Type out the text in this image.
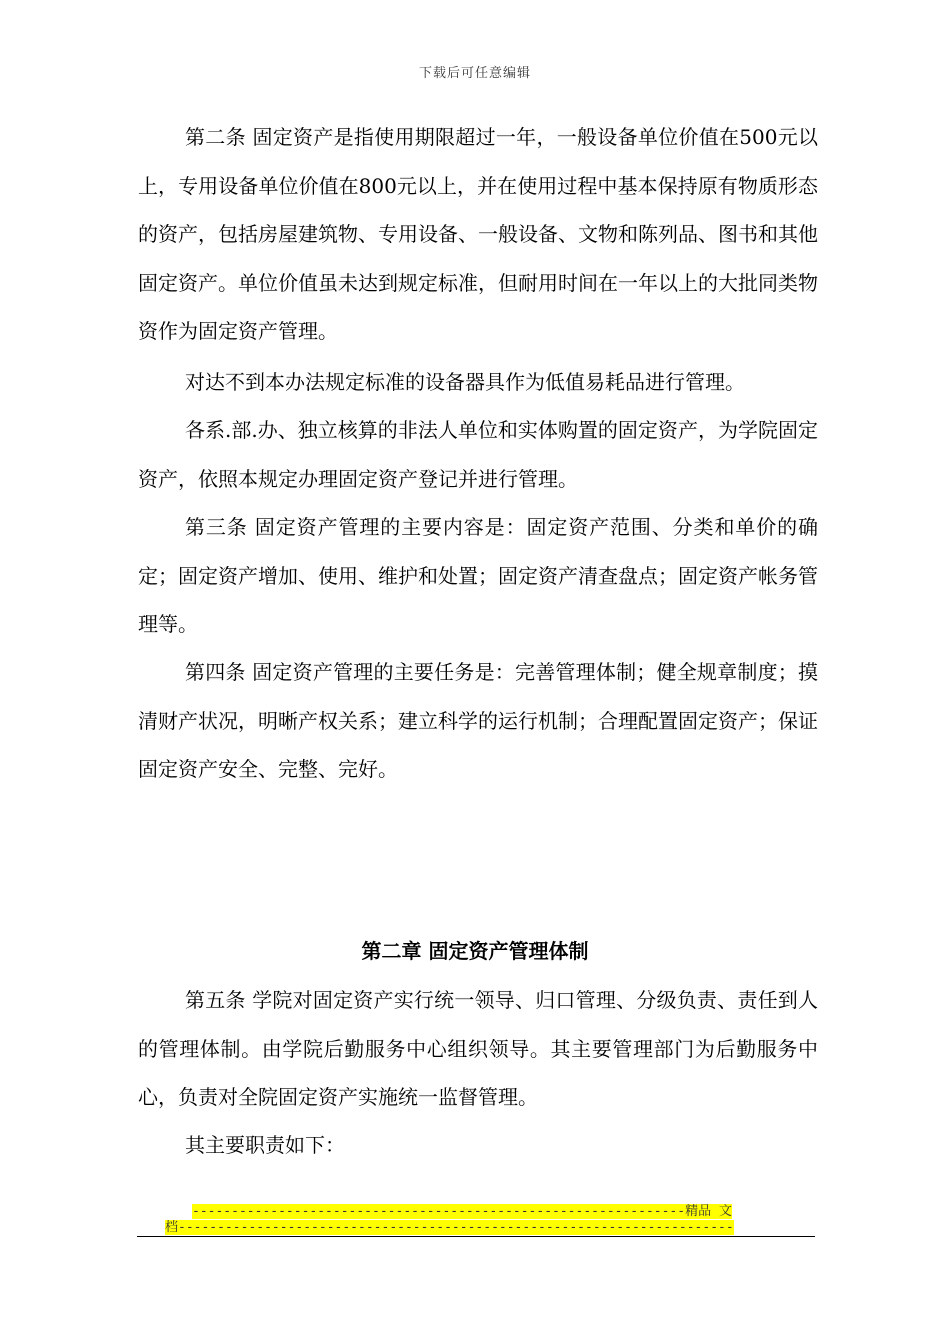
下载后可任意编辑

第二条 固定资产是指使用期限超过一年，一般设备单位价值在500元以上，专用设备单位价值在800元以上，并在使用过程中基本保持原有物质形态的资产，包括房屋建筑物、专用设备、一般设备、文物和陈列品、图书和其他固定资产。单位价值虽未达到规定标准，但耐用时间在一年以上的大批同类物资作为固定资产管理。

对达不到本办法规定标准的设备器具作为低值易耗品进行管理。

各系.部.办、独立核算的非法人单位和实体购置的固定资产，为学院固定资产，依照本规定办理固定资产登记并进行管理。

第三条 固定资产管理的主要内容是：固定资产范围、分类和单价的确定；固定资产增加、使用、维护和处置；固定资产清查盘点；固定资产帐务管理等。

第四条 固定资产管理的主要任务是：完善管理体制；健全规章制度；摸清财产状况，明晰产权关系；建立科学的运行机制；合理配置固定资产；保证固定资产安全、完整、完好。

第二章 固定资产管理体制

第五条 学院对固定资产实行统一领导、归口管理、分级负责、责任到人的管理体制。由学院后勤服务中心组织领导。其主要管理部门为后勤服务中心，负责对全院固定资产实施统一监督管理。

其主要职责如下：

---------------------------------------------------------------精品 文
档-----------------------------------------------------------------------
